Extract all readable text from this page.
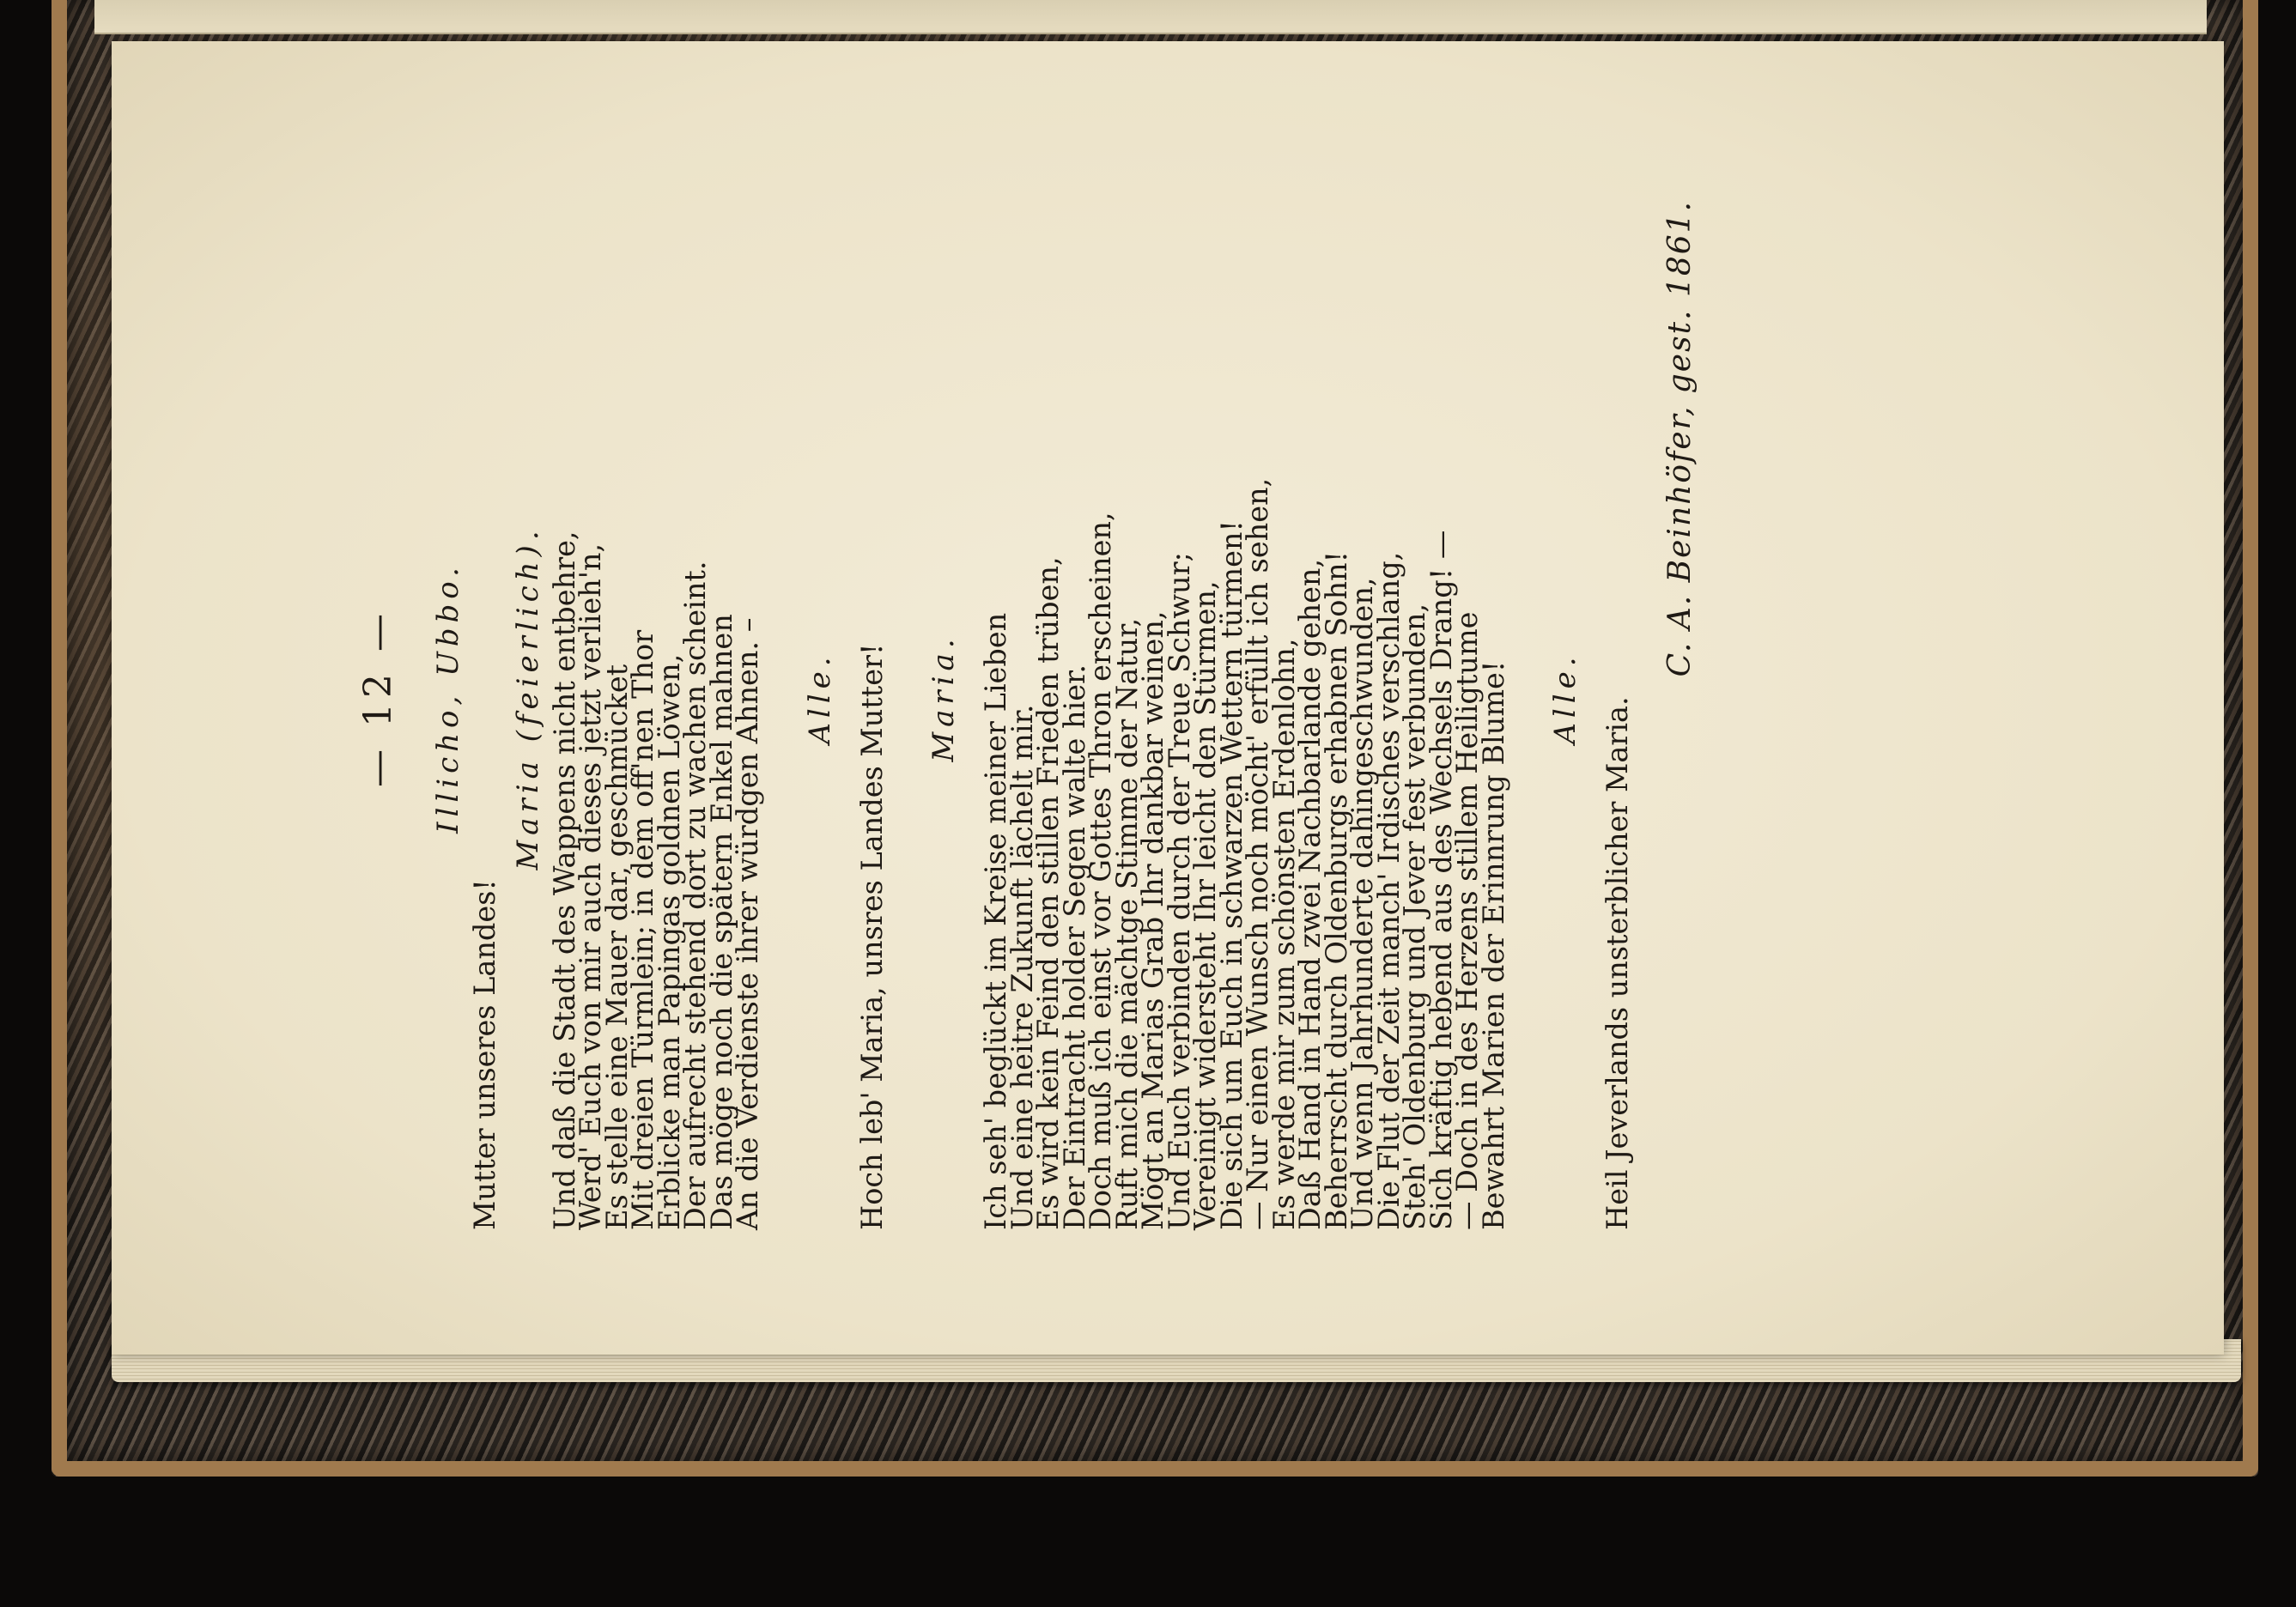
— 12 — Illicho, Ubbo.

Mutter unseres Landes!

Maria (feierlich). Und daß die Stadt des Wappens nicht entbehre,

Werd' Euch von mir auch dieses jetzt verlieh'n,

Es stelle eine Mauer dar, geschmücket

Mit dreien Türmlein; in dem off'nen Thor

Erblicke man Papingas goldnen Löwen,

Der aufrecht stehend dort zu wachen scheint.

Das möge noch die spätern Enkel mahnen

An die Verdienste ihrer würdgen Ahnen. – Alle. Hoch leb' Maria, unsres Landes Mutter! Maria. Ich seh' beglückt im Kreise meiner Lieben

Und eine heitre Zukunft lächelt mir.

Es wird kein Feind den stillen Frieden trüben,

Der Eintracht holder Segen walte hier.

Doch muß ich einst vor Gottes Thron erscheinen,

Ruft mich die mächtge Stimme der Natur,

Mögt an Marias Grab Ihr dankbar weinen,

Und Euch verbinden durch der Treue Schwur;

Vereinigt widersteht Ihr leicht den Stürmen,

Die sich um Euch in schwarzen Wettern türmen!

— Nur einen Wunsch noch möcht' erfüllt ich sehen,

Es werde mir zum schönsten Erdenlohn,

Daß Hand in Hand zwei Nachbarlande gehen,

Beherrscht durch Oldenburgs erhabnen Sohn!

Und wenn Jahrhunderte dahingeschwunden,

Die Flut der Zeit manch' Irdisches verschlang,

Steh' Oldenburg und Jever fest verbunden,

Sich kräftig hebend aus des Wechsels Drang! —

— Doch in des Herzens stillem Heiligtume

Bewahrt Marien der Erinnrung Blume! Alle. Heil Jeverlands unsterblicher Maria.

C. A. Beinhöfer, gest. 1861.
